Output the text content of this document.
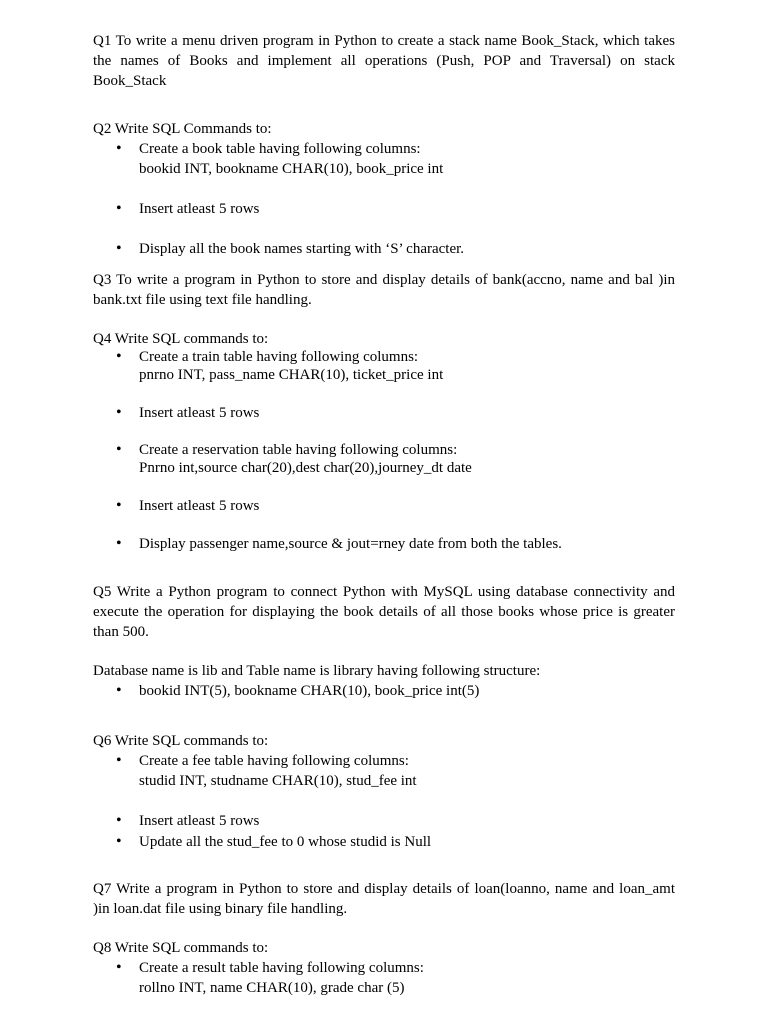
Q1 To write a menu driven program in Python to create a stack name Book_Stack, which takes the names of Books and implement all operations (Push, POP and Traversal) on stack Book_Stack

Q2 Write SQL Commands to:
• Create a book table having following columns:
bookid INT, bookname CHAR(10), book_price int
• Insert atleast 5 rows
• Display all the book names starting with ‘S’ character.

Q3 To write a program in Python to store and display details of bank(accno, name and bal )in bank.txt file using text file handling.

Q4 Write SQL commands to:
• Create a train table having following columns:
pnrno INT, pass_name CHAR(10), ticket_price int
• Insert atleast 5 rows
• Create a reservation table having following columns:
Pnrno int,source char(20),dest char(20),journey_dt date
• Insert atleast 5 rows
• Display passenger name,source & jout=rney date from both the tables.

Q5 Write a Python program to connect Python with MySQL using database connectivity and execute the operation for displaying the book details of all those books whose price is greater than 500.

Database name is lib and Table name is library having following structure:
• bookid INT(5), bookname CHAR(10), book_price int(5)
Q6 Write SQL commands to:
• Create a fee table having following columns:
studid INT, studname CHAR(10), stud_fee int
• Insert atleast 5 rows
• Update all the stud_fee to 0 whose studid is Null

Q7 Write a program in Python to store and display details of loan(loanno, name and loan_amt )in loan.dat file using binary file handling.

Q8 Write SQL commands to:
• Create a result table having following columns:
rollno INT, name CHAR(10), grade char (5)
